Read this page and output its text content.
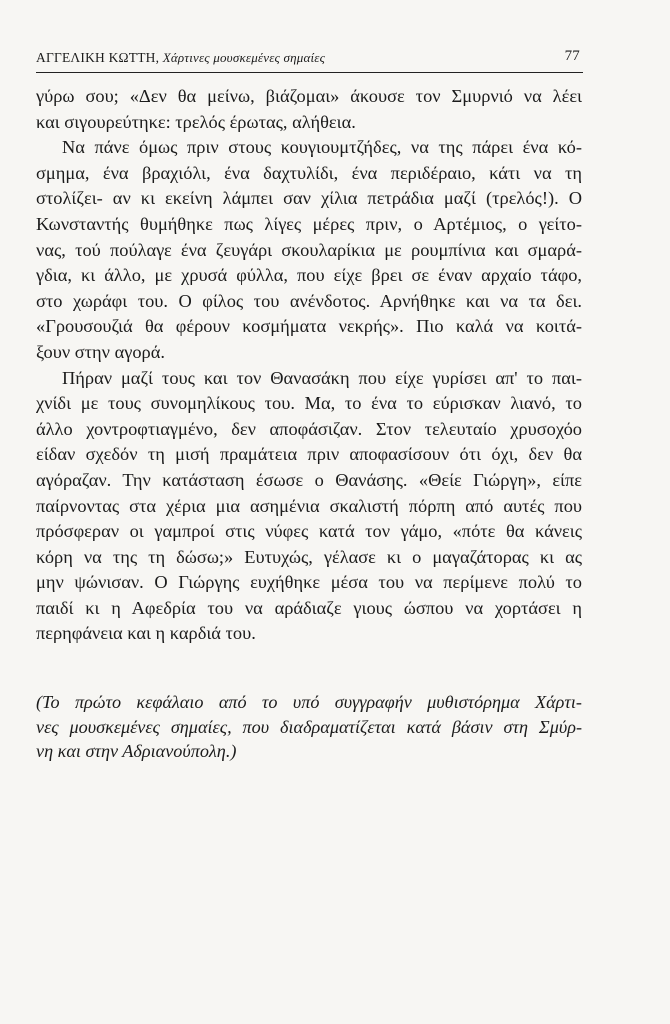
ΑΓΓΕΛΙΚΗ ΚΩΤΤΗ, Χάρτινες μουσκεμένες σημαίες	77
γύρω σου; «Δεν θα μείνω, βιάζομαι» άκουσε τον Σμυρνιό να λέει
και σιγουρεύτηκε: τρελός έρωτας, αλήθεια.
Να πάνε όμως πριν στους κουγιουμτζήδες, να της πάρει ένα κό-
σμημα, ένα βραχιόλι, ένα δαχτυλίδι, ένα περιδέραιο, κάτι να τη
στολίζει- αν κι εκείνη λάμπει σαν χίλια πετράδια μαζί (τρελός!). Ο
Κωνσταντής θυμήθηκε πως λίγες μέρες πριν, ο Αρτέμιος, ο γείτο-
νας, τού πούλαγε ένα ζευγάρι σκουλαρίκια με ρουμπίνια και σμαρά-
γδια, κι άλλο, με χρυσά φύλλα, που είχε βρει σε έναν αρχαίο τάφο,
στο χωράφι του. Ο φίλος του ανένδοτος. Αρνήθηκε και να τα δει.
«Γρουσουζιά θα φέρουν κοσμήματα νεκρής». Πιο καλά να κοιτά-
ξουν στην αγορά.
Πήραν μαζί τους και τον Θανασάκη που είχε γυρίσει απ' το παι-
χνίδι με τους συνομηλίκους του. Μα, το ένα το εύρισκαν λιανό, το
άλλο χοντροφτιαγμένο, δεν αποφάσιζαν. Στον τελευταίο χρυσοχόο
είδαν σχεδόν τη μισή πραμάτεια πριν αποφασίσουν ότι όχι, δεν θα
αγόραζαν. Την κατάσταση έσωσε ο Θανάσης. «Θείε Γιώργη», είπε
παίρνοντας στα χέρια μια ασημένια σκαλιστή πόρπη από αυτές που
πρόσφεραν οι γαμπροί στις νύφες κατά τον γάμο, «πότε θα κάνεις
κόρη να της τη δώσω;» Ευτυχώς, γέλασε κι ο μαγαζάτορας κι ας
μην ψώνισαν. Ο Γιώργης ευχήθηκε μέσα του να περίμενε πολύ το
παιδί κι η Αφεδρία του να αράδιαζε γιους ώσπου να χορτάσει η
περηφάνεια και η καρδιά του.
(Το πρώτο κεφάλαιο από το υπό συγγραφήν μυθιστόρημα Χάρτι-
νες μουσκεμένες σημαίες, που διαδραματίζεται κατά βάσιν στη Σμύρ-
νη και στην Αδριανούπολη.)
